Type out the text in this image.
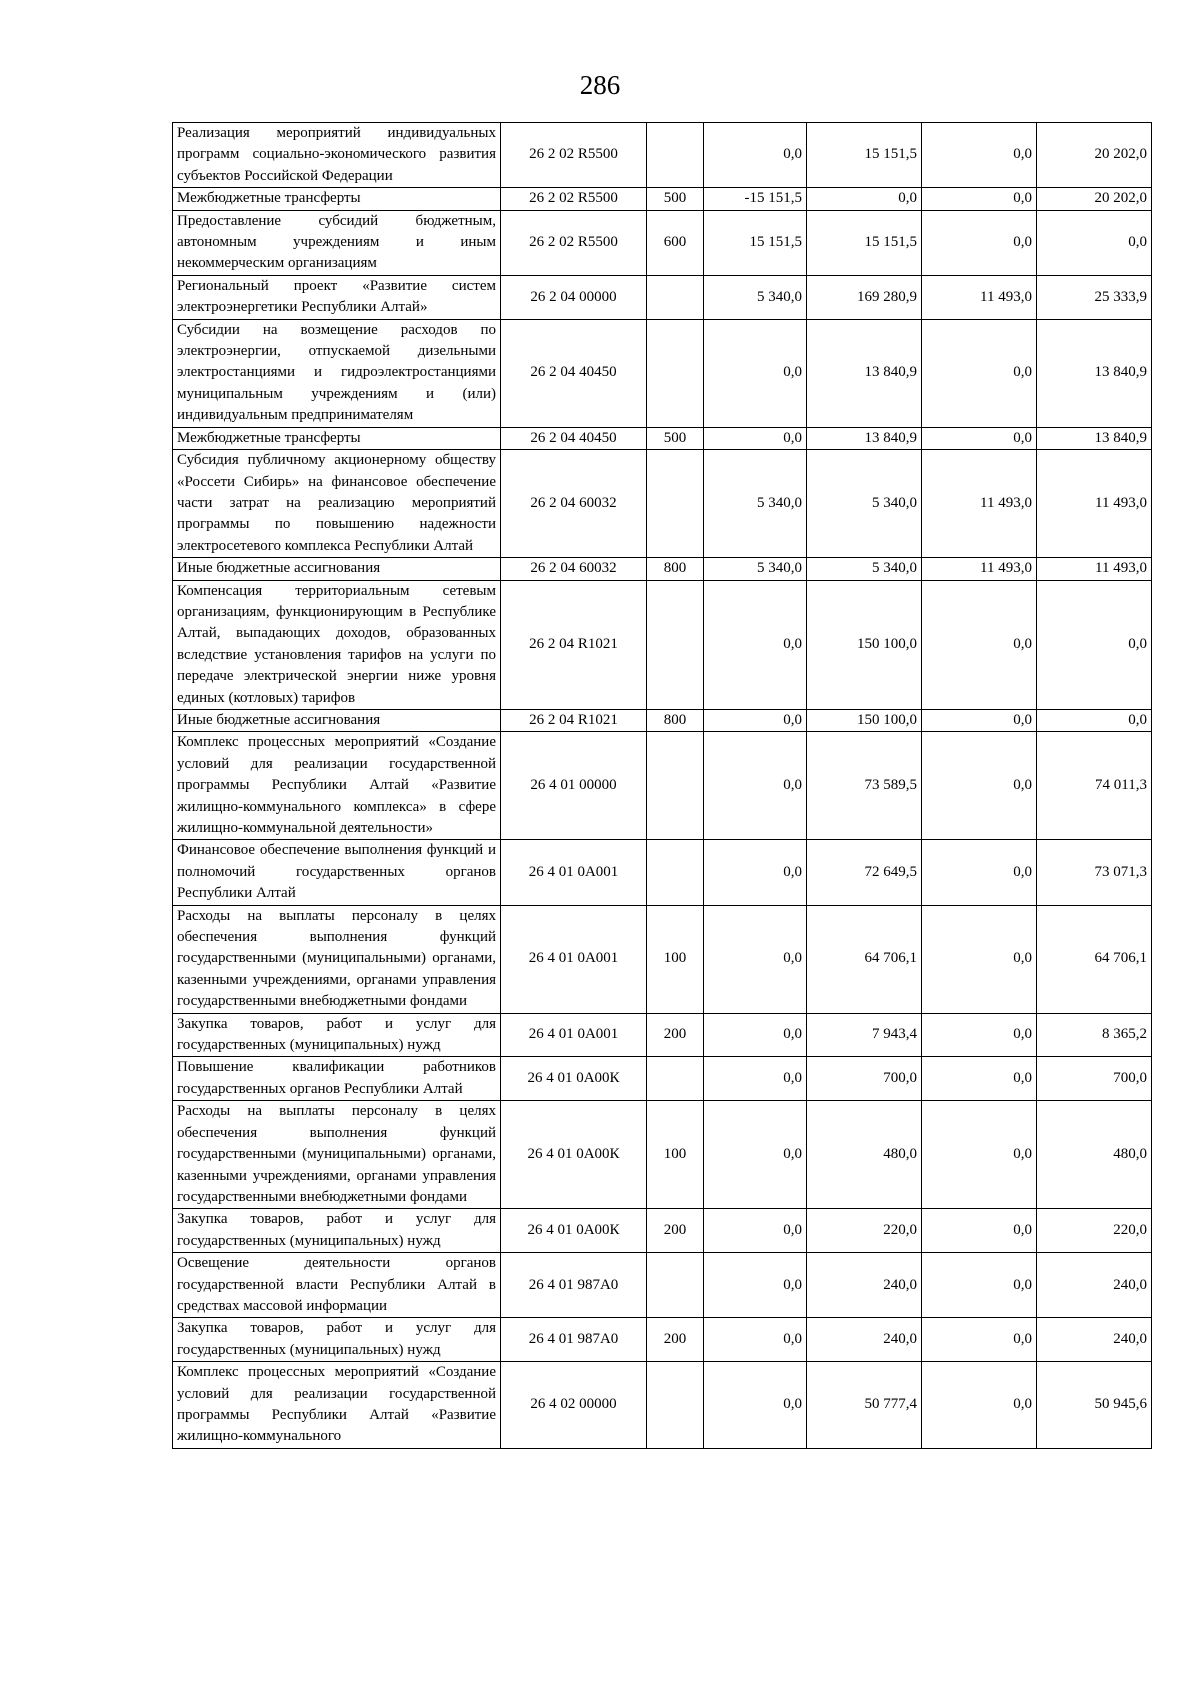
286
Реализация мероприятий индивидуальных программ социально-экономического развития субъектов Российской Федерации	26 2 02 R5500		0,0	15 151,5	0,0	20 202,0
Межбюджетные трансферты	26 2 02 R5500	500	-15 151,5	0,0	0,0	20 202,0
Предоставление субсидий бюджетным, автономным учреждениям и иным некоммерческим организациям	26 2 02 R5500	600	15 151,5	15 151,5	0,0	0,0
Региональный проект «Развитие систем электроэнергетики Республики Алтай»	26 2 04 00000		5 340,0	169 280,9	11 493,0	25 333,9
Субсидии на возмещение расходов по электроэнергии, отпускаемой дизельными электростанциями и гидроэлектростанциями муниципальным учреждениям и (или) индивидуальным предпринимателям	26 2 04 40450		0,0	13 840,9	0,0	13 840,9
Межбюджетные трансферты	26 2 04 40450	500	0,0	13 840,9	0,0	13 840,9
Субсидия публичному акционерному обществу «Россети Сибирь» на финансовое обеспечение части затрат на реализацию мероприятий программы по повышению надежности электросетевого комплекса Республики Алтай	26 2 04 60032		5 340,0	5 340,0	11 493,0	11 493,0
Иные бюджетные ассигнования	26 2 04 60032	800	5 340,0	5 340,0	11 493,0	11 493,0
Компенсация территориальным сетевым организациям, функционирующим в Республике Алтай, выпадающих доходов, образованных вследствие установления тарифов на услуги по передаче электрической энергии ниже уровня единых (котловых) тарифов	26 2 04 R1021		0,0	150 100,0	0,0	0,0
Иные бюджетные ассигнования	26 2 04 R1021	800	0,0	150 100,0	0,0	0,0
Комплекс процессных мероприятий «Создание условий для реализации государственной программы Республики Алтай «Развитие жилищно-коммунального комплекса» в сфере жилищно-коммунальной деятельности»	26 4 01 00000		0,0	73 589,5	0,0	74 011,3
Финансовое обеспечение выполнения функций и полномочий государственных органов Республики Алтай	26 4 01 0А001		0,0	72 649,5	0,0	73 071,3
Расходы на выплаты персоналу в целях обеспечения выполнения функций государственными (муниципальными) органами, казенными учреждениями, органами управления государственными внебюджетными фондами	26 4 01 0А001	100	0,0	64 706,1	0,0	64 706,1
Закупка товаров, работ и услуг для государственных (муниципальных) нужд	26 4 01 0А001	200	0,0	7 943,4	0,0	8 365,2
Повышение квалификации работников государственных органов Республики Алтай	26 4 01 0А00К		0,0	700,0	0,0	700,0
Расходы на выплаты персоналу в целях обеспечения выполнения функций государственными (муниципальными) органами, казенными учреждениями, органами управления государственными внебюджетными фондами	26 4 01 0А00К	100	0,0	480,0	0,0	480,0
Закупка товаров, работ и услуг для государственных (муниципальных) нужд	26 4 01 0А00К	200	0,0	220,0	0,0	220,0
Освещение деятельности органов государственной власти Республики Алтай в средствах массовой информации	26 4 01 987А0		0,0	240,0	0,0	240,0
Закупка товаров, работ и услуг для государственных (муниципальных) нужд	26 4 01 987А0	200	0,0	240,0	0,0	240,0
Комплекс процессных мероприятий «Создание условий для реализации государственной программы Республики Алтай «Развитие жилищно-коммунального	26 4 02 00000		0,0	50 777,4	0,0	50 945,6
